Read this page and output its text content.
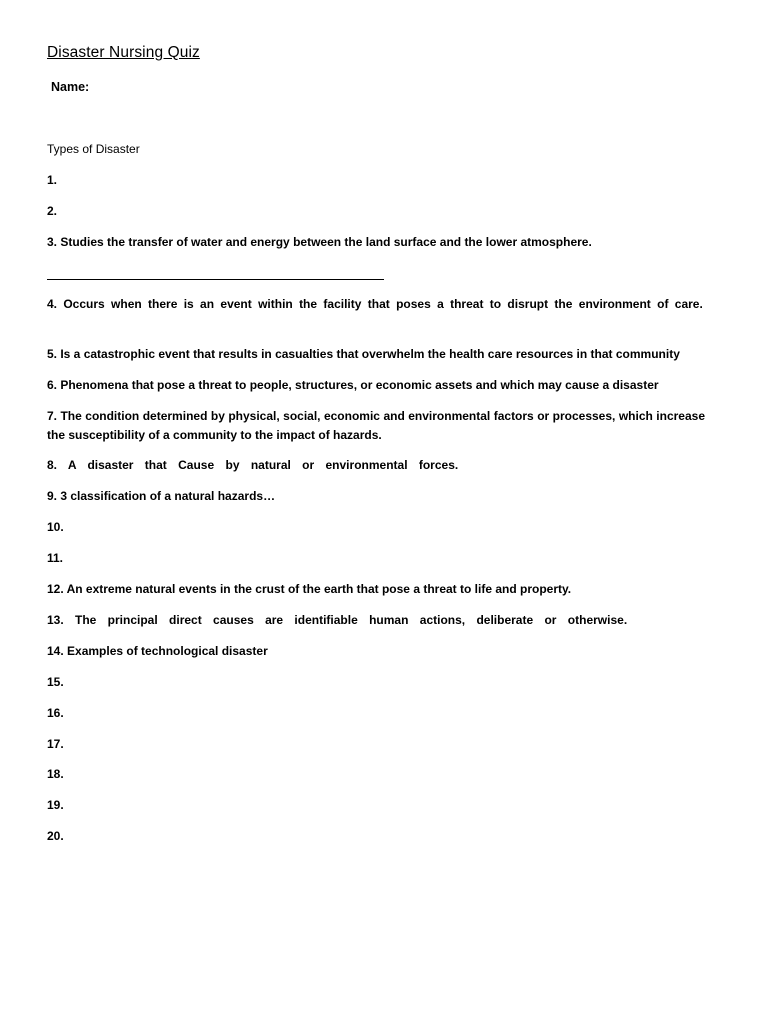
Disaster Nursing Quiz
Name:
Types of Disaster
1.
2.
3. Studies the transfer of water and energy between the land surface and the lower atmosphere.
4. Occurs when there is an event within the facility that poses a threat to disrupt the environment of care.
5. Is a catastrophic event that results in casualties that overwhelm the health care resources in that community
6. Phenomena that pose a threat to people, structures, or economic assets and which may cause a disaster
7. The condition determined by physical, social, economic and environmental factors or processes, which increase the susceptibility of a community to the impact of hazards.
8. A disaster that Cause by natural or environmental forces.
9. 3 classification of a natural hazards…
10.
11.
12. An extreme natural events in the crust of the earth that pose a threat to life and property.
13. The principal direct causes are identifiable human actions, deliberate or otherwise.
14. Examples of technological disaster
15.
16.
17.
18.
19.
20.
